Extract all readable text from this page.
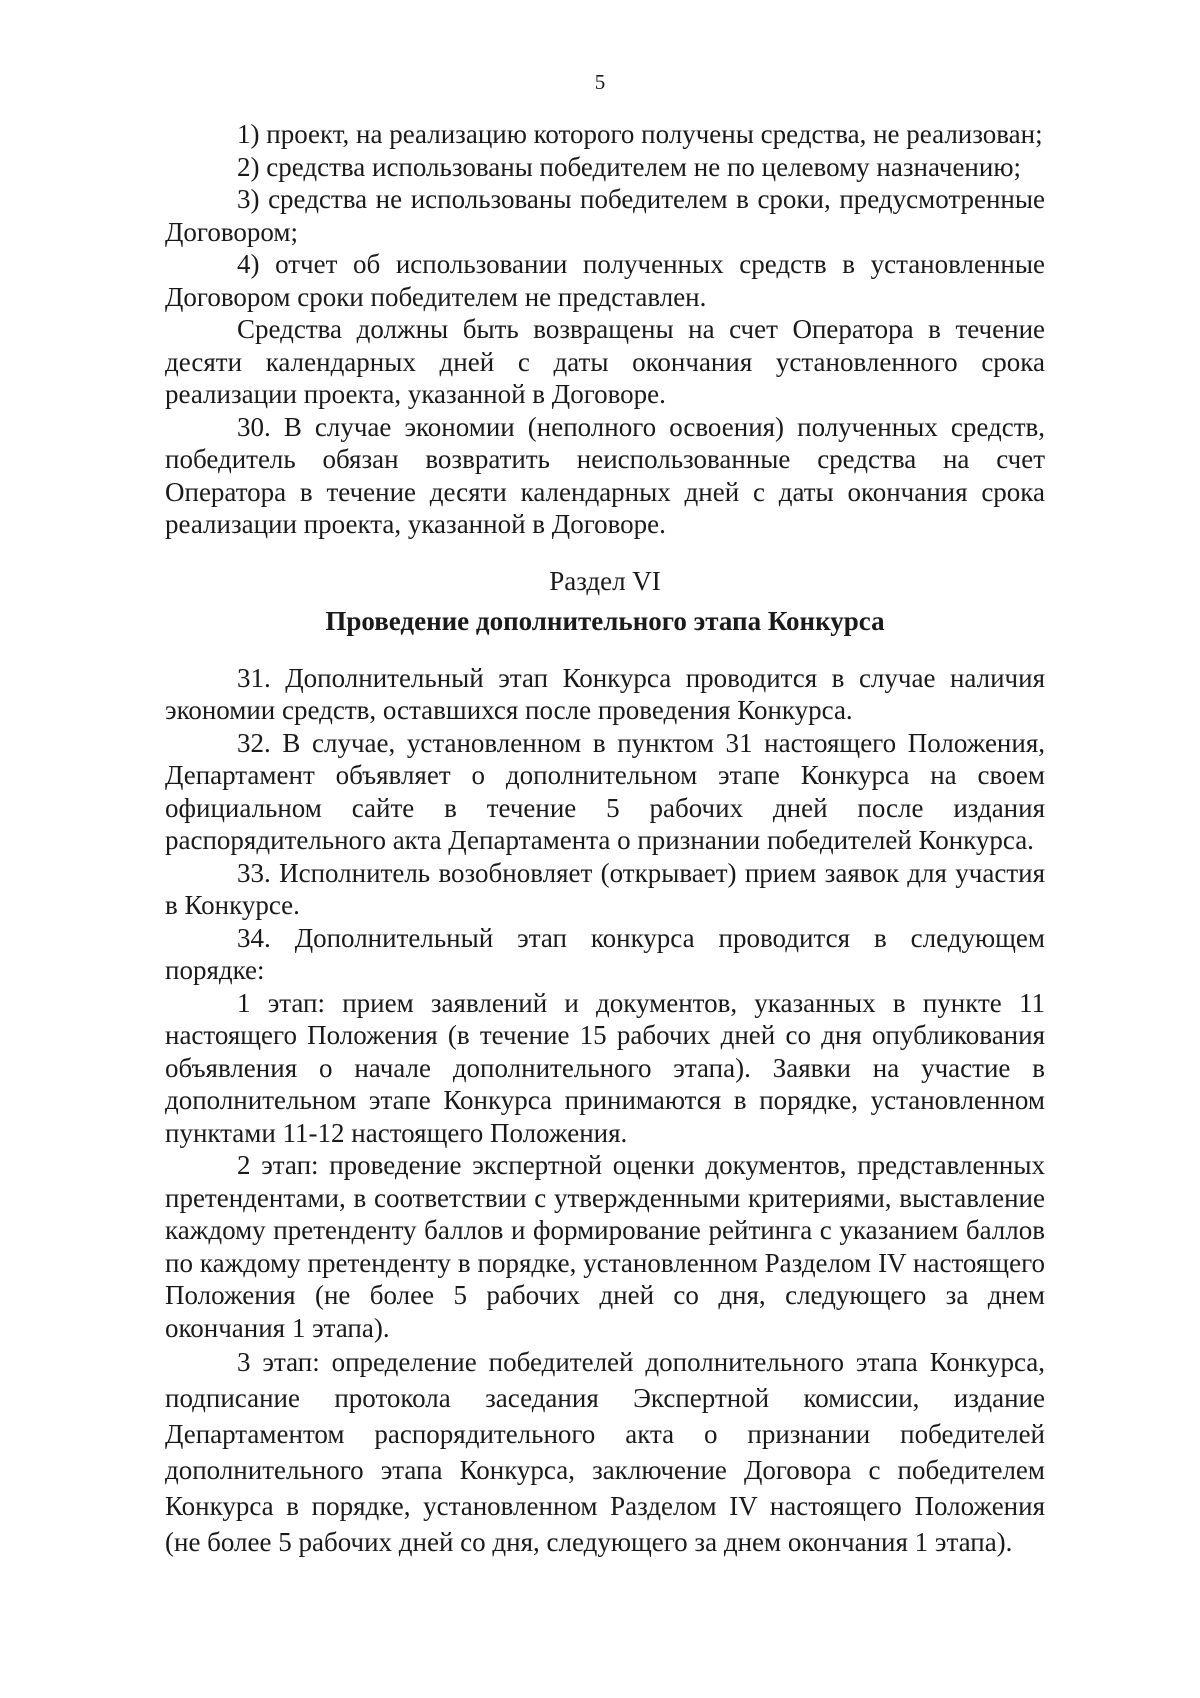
5

1) проект, на реализацию которого получены средства, не реализован;

2) средства использованы победителем не по целевому назначению;

3) средства не использованы победителем в сроки, предусмотренные Договором;

4) отчет об использовании полученных средств в установленные Договором сроки победителем не представлен.

Средства должны быть возвращены на счет Оператора в течение десяти календарных дней с даты окончания установленного срока реализации проекта, указанной в Договоре.

30. В случае экономии (неполного освоения) полученных средств, победитель обязан возвратить неиспользованные средства на счет Оператора в течение десяти календарных дней с даты окончания срока реализации проекта, указанной в Договоре.

Раздел VI
Проведение дополнительного этапа Конкурса

31. Дополнительный этап Конкурса проводится в случае наличия экономии средств, оставшихся после проведения Конкурса.

32. В случае, установленном в пунктом 31 настоящего Положения, Департамент объявляет о дополнительном этапе Конкурса на своем официальном сайте в течение 5 рабочих дней после издания распорядительного акта Департамента о признании победителей Конкурса.

33. Исполнитель возобновляет (открывает) прием заявок для участия в Конкурсе.

34. Дополнительный этап конкурса проводится в следующем порядке:

1 этап: прием заявлений и документов, указанных в пункте 11 настоящего Положения (в течение 15 рабочих дней со дня опубликования объявления о начале дополнительного этапа). Заявки на участие в дополнительном этапе Конкурса принимаются в порядке, установленном пунктами 11-12 настоящего Положения.

2 этап: проведение экспертной оценки документов, представленных претендентами, в соответствии с утвержденными критериями, выставление каждому претенденту баллов и формирование рейтинга с указанием баллов по каждому претенденту в порядке, установленном Разделом IV настоящего Положения (не более 5 рабочих дней со дня, следующего за днем окончания 1 этапа).

3 этап: определение победителей дополнительного этапа Конкурса, подписание протокола заседания Экспертной комиссии, издание Департаментом распорядительного акта о признании победителей дополнительного этапа Конкурса, заключение Договора с победителем Конкурса в порядке, установленном Разделом IV настоящего Положения (не более 5 рабочих дней со дня, следующего за днем окончания 1 этапа).
